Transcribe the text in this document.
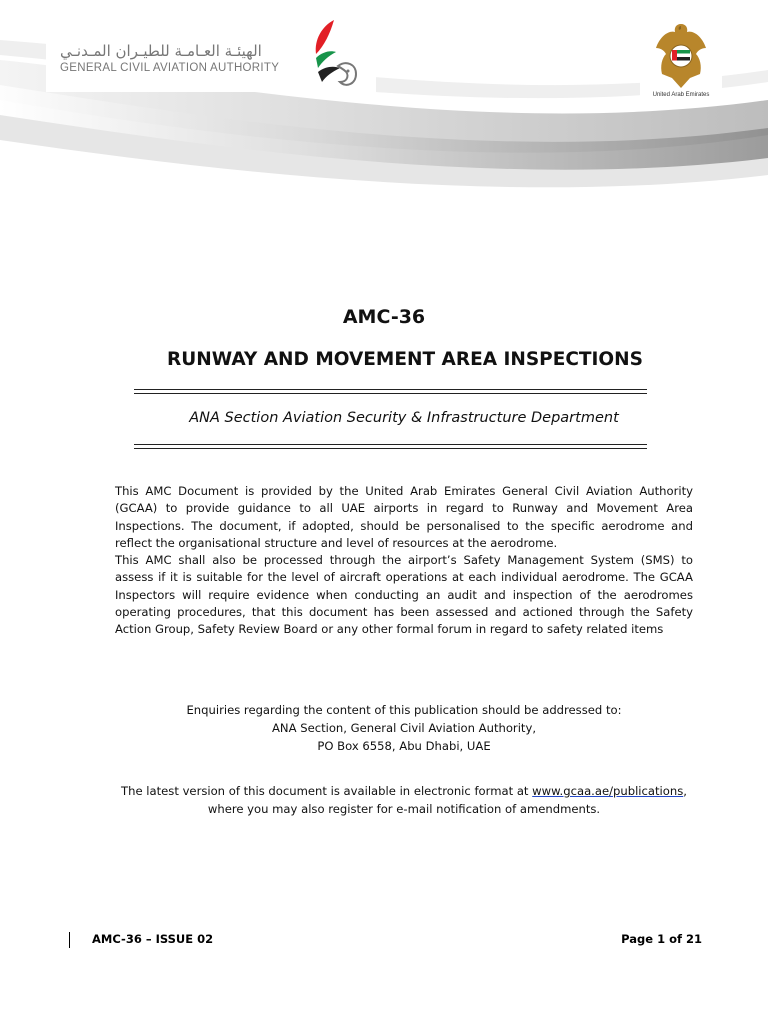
الهيئـة العـامـة للطيـران المـدنـي
GENERAL CIVIL AVIATION AUTHORITY
United Arab Emirates
AMC-36
RUNWAY AND MOVEMENT AREA INSPECTIONS
ANA Section Aviation Security & Infrastructure Department

This AMC Document is provided by the United Arab Emirates General Civil Aviation Authority (GCAA) to provide guidance to all UAE airports in regard to Runway and Movement Area Inspections. The document, if adopted, should be personalised to the specific aerodrome and reflect the organisational structure and level of resources at the aerodrome.

This AMC shall also be processed through the airport’s Safety Management System (SMS) to assess if it is suitable for the level of aircraft operations at each individual aerodrome. The GCAA Inspectors will require evidence when conducting an audit and inspection of the aerodromes operating procedures, that this document has been assessed and actioned through the Safety Action Group, Safety Review Board or any other formal forum in regard to safety related items

Enquiries regarding the content of this publication should be addressed to:
ANA Section, General Civil Aviation Authority,
PO Box 6558, Abu Dhabi, UAE
The latest version of this document is available in electronic format at www.gcaa.ae/publications,
where you may also register for e-mail notification of amendments.
AMC-36 – ISSUE 02	Page 1 of 21
